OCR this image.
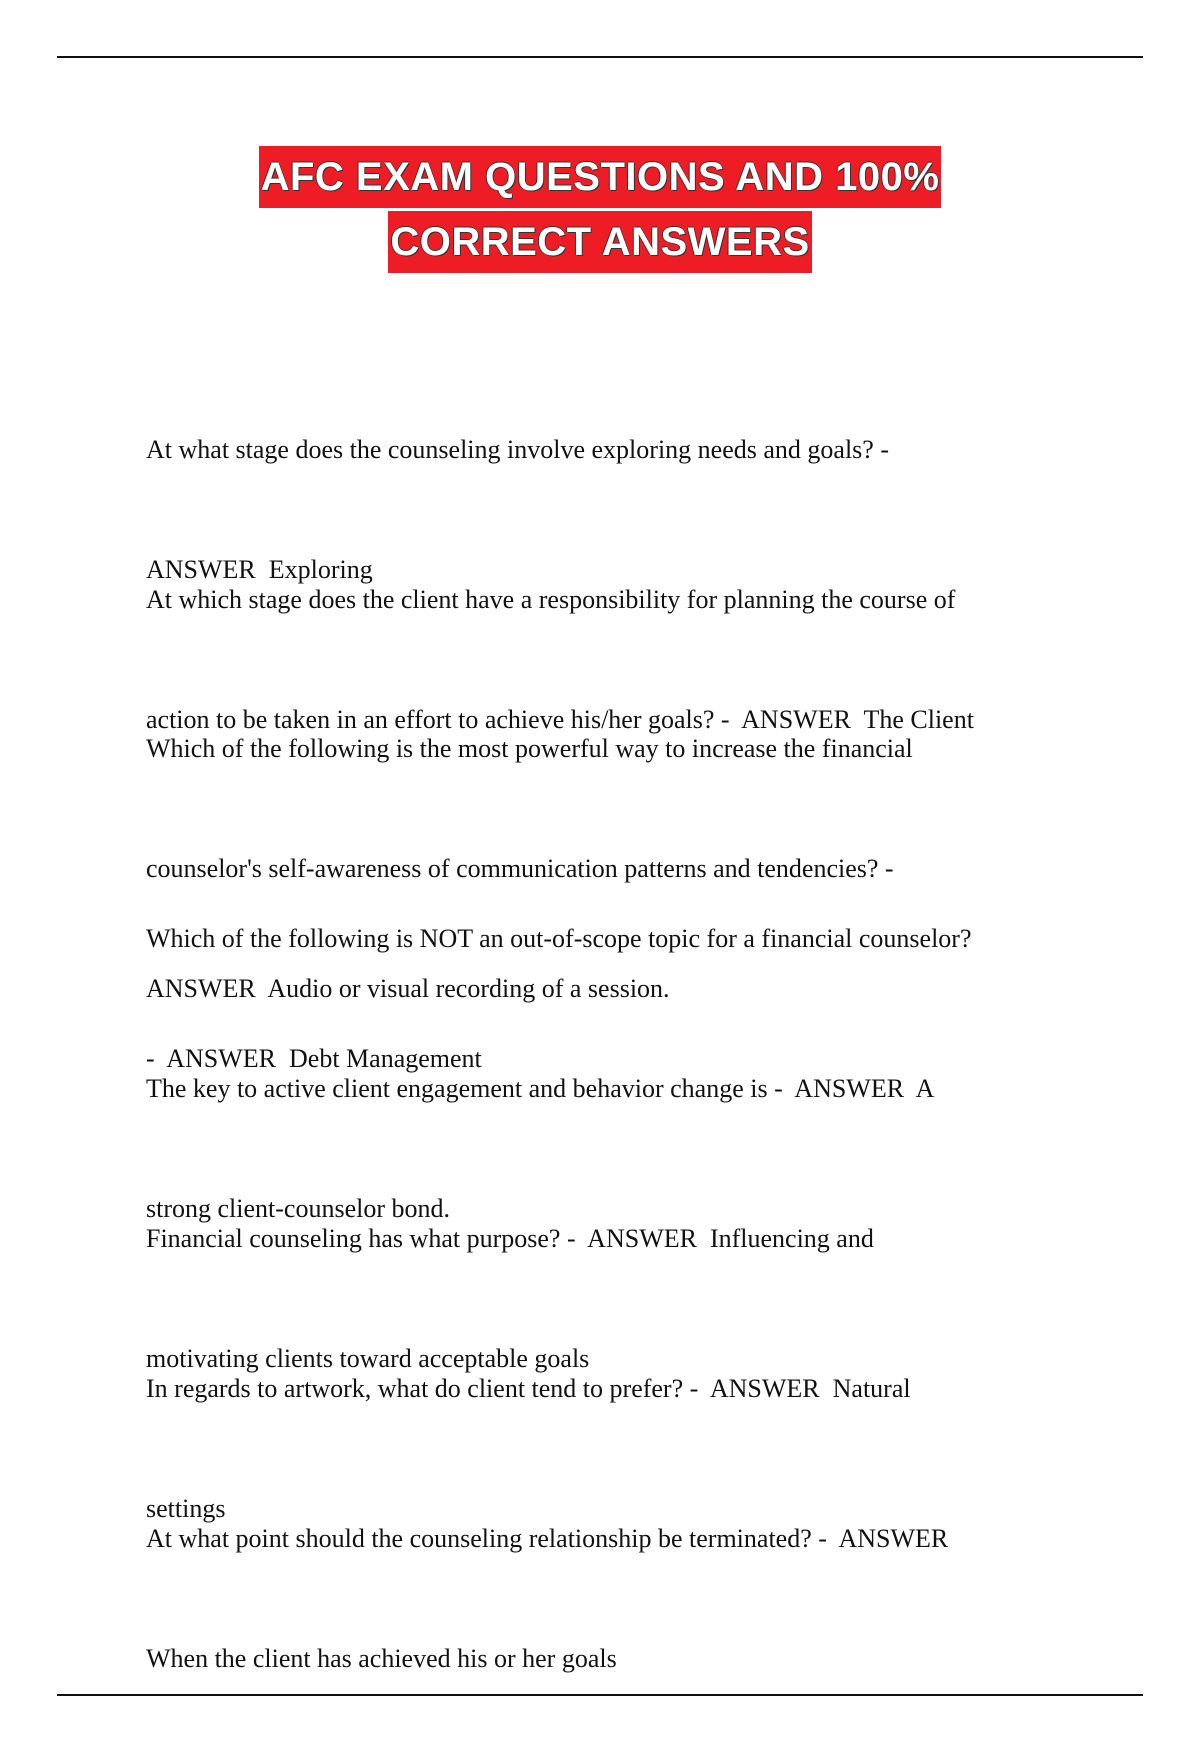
AFC EXAM QUESTIONS AND 100%
CORRECT ANSWERS

At what stage does the counseling involve exploring needs and goals? -

ANSWER  Exploring

At which stage does the client have a responsibility for planning the course of

action to be taken in an effort to achieve his/her goals? -  ANSWER  The Client

Which of the following is the most powerful way to increase the financial

counselor's self-awareness of communication patterns and tendencies? -

ANSWER  Audio or visual recording of a session.

Which of the following is NOT an out-of-scope topic for a financial counselor?

-  ANSWER  Debt Management

The key to active client engagement and behavior change is -  ANSWER  A

strong client-counselor bond.

Financial counseling has what purpose? -  ANSWER  Influencing and

motivating clients toward acceptable goals

In regards to artwork, what do client tend to prefer? -  ANSWER  Natural

settings

At what point should the counseling relationship be terminated? -  ANSWER

When the client has achieved his or her goals
